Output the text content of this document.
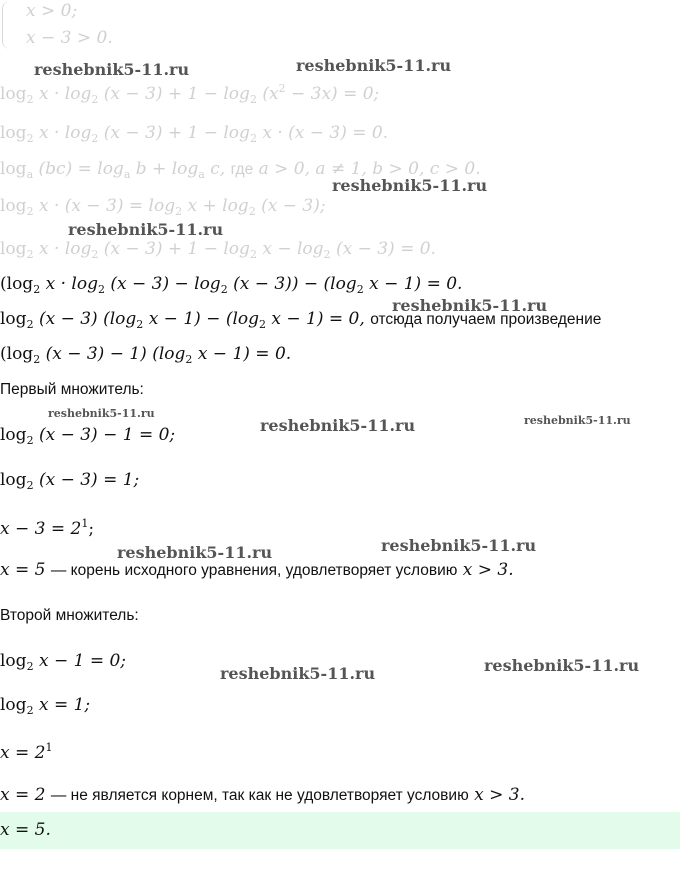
x > 0;
x − 3 > 0.
$\log_2 x \cdot \log_2 (x - 3) + 1 - \log_2 (x^2 - 3x) = 0$;
$\log_2 x \cdot \log_2 (x - 3) + 1 - \log_2 x \cdot (x - 3) = 0$.
$\log_a (bc) = \log_a b + \log_a c$, где a > 0, a ≠ 1, b > 0, c > 0.
$\log_2 x \cdot (x - 3) = \log_2 x + \log_2 (x - 3)$;
$\log_2 x \cdot \log_2 (x - 3) + 1 - \log_2 x - \log_2 (x - 3) = 0$.
($\log_2$ $x \cdot \log_2 (x - 3) - \log_2 (x - 3)) - (\log_2$ x − 1) = 0.
$\log_2 (x - 3)$ ($\log_2$ $x - 1) - (\log_2$ x − 1) = 0, отсюда получаем произведение
($\log_2$ (x − 3) − 1) ($\log_2$ x − 1) = 0.
Первый множитель:
$\log_2 (x - 3) - 1 = 0$;
$\log_2 (x - 3) = 1$;
$x - 3 = 2^1$;
x = 5 — корень исходного уравнения, удовлетворяет условию x > 3.
Второй множитель:
$\log_2 x - 1 = 0$;
$\log_2 x = 1$;
$x = 2^1$
x = 2 — не является корнем, так как не удовлетворяет условию x > 3.
x = 5.
reshebnik5-11.ru	reshebnik5-11.ru
reshebnik5-11.ru
reshebnik5-11.ru
reshebnik5-11.ru
reshebnik5-11.ru
reshebnik5-11.ru	reshebnik5-11.ru
reshebnik5-11.ru	reshebnik5-11.ru
reshebnik5-11.ru	reshebnik5-11.ru
